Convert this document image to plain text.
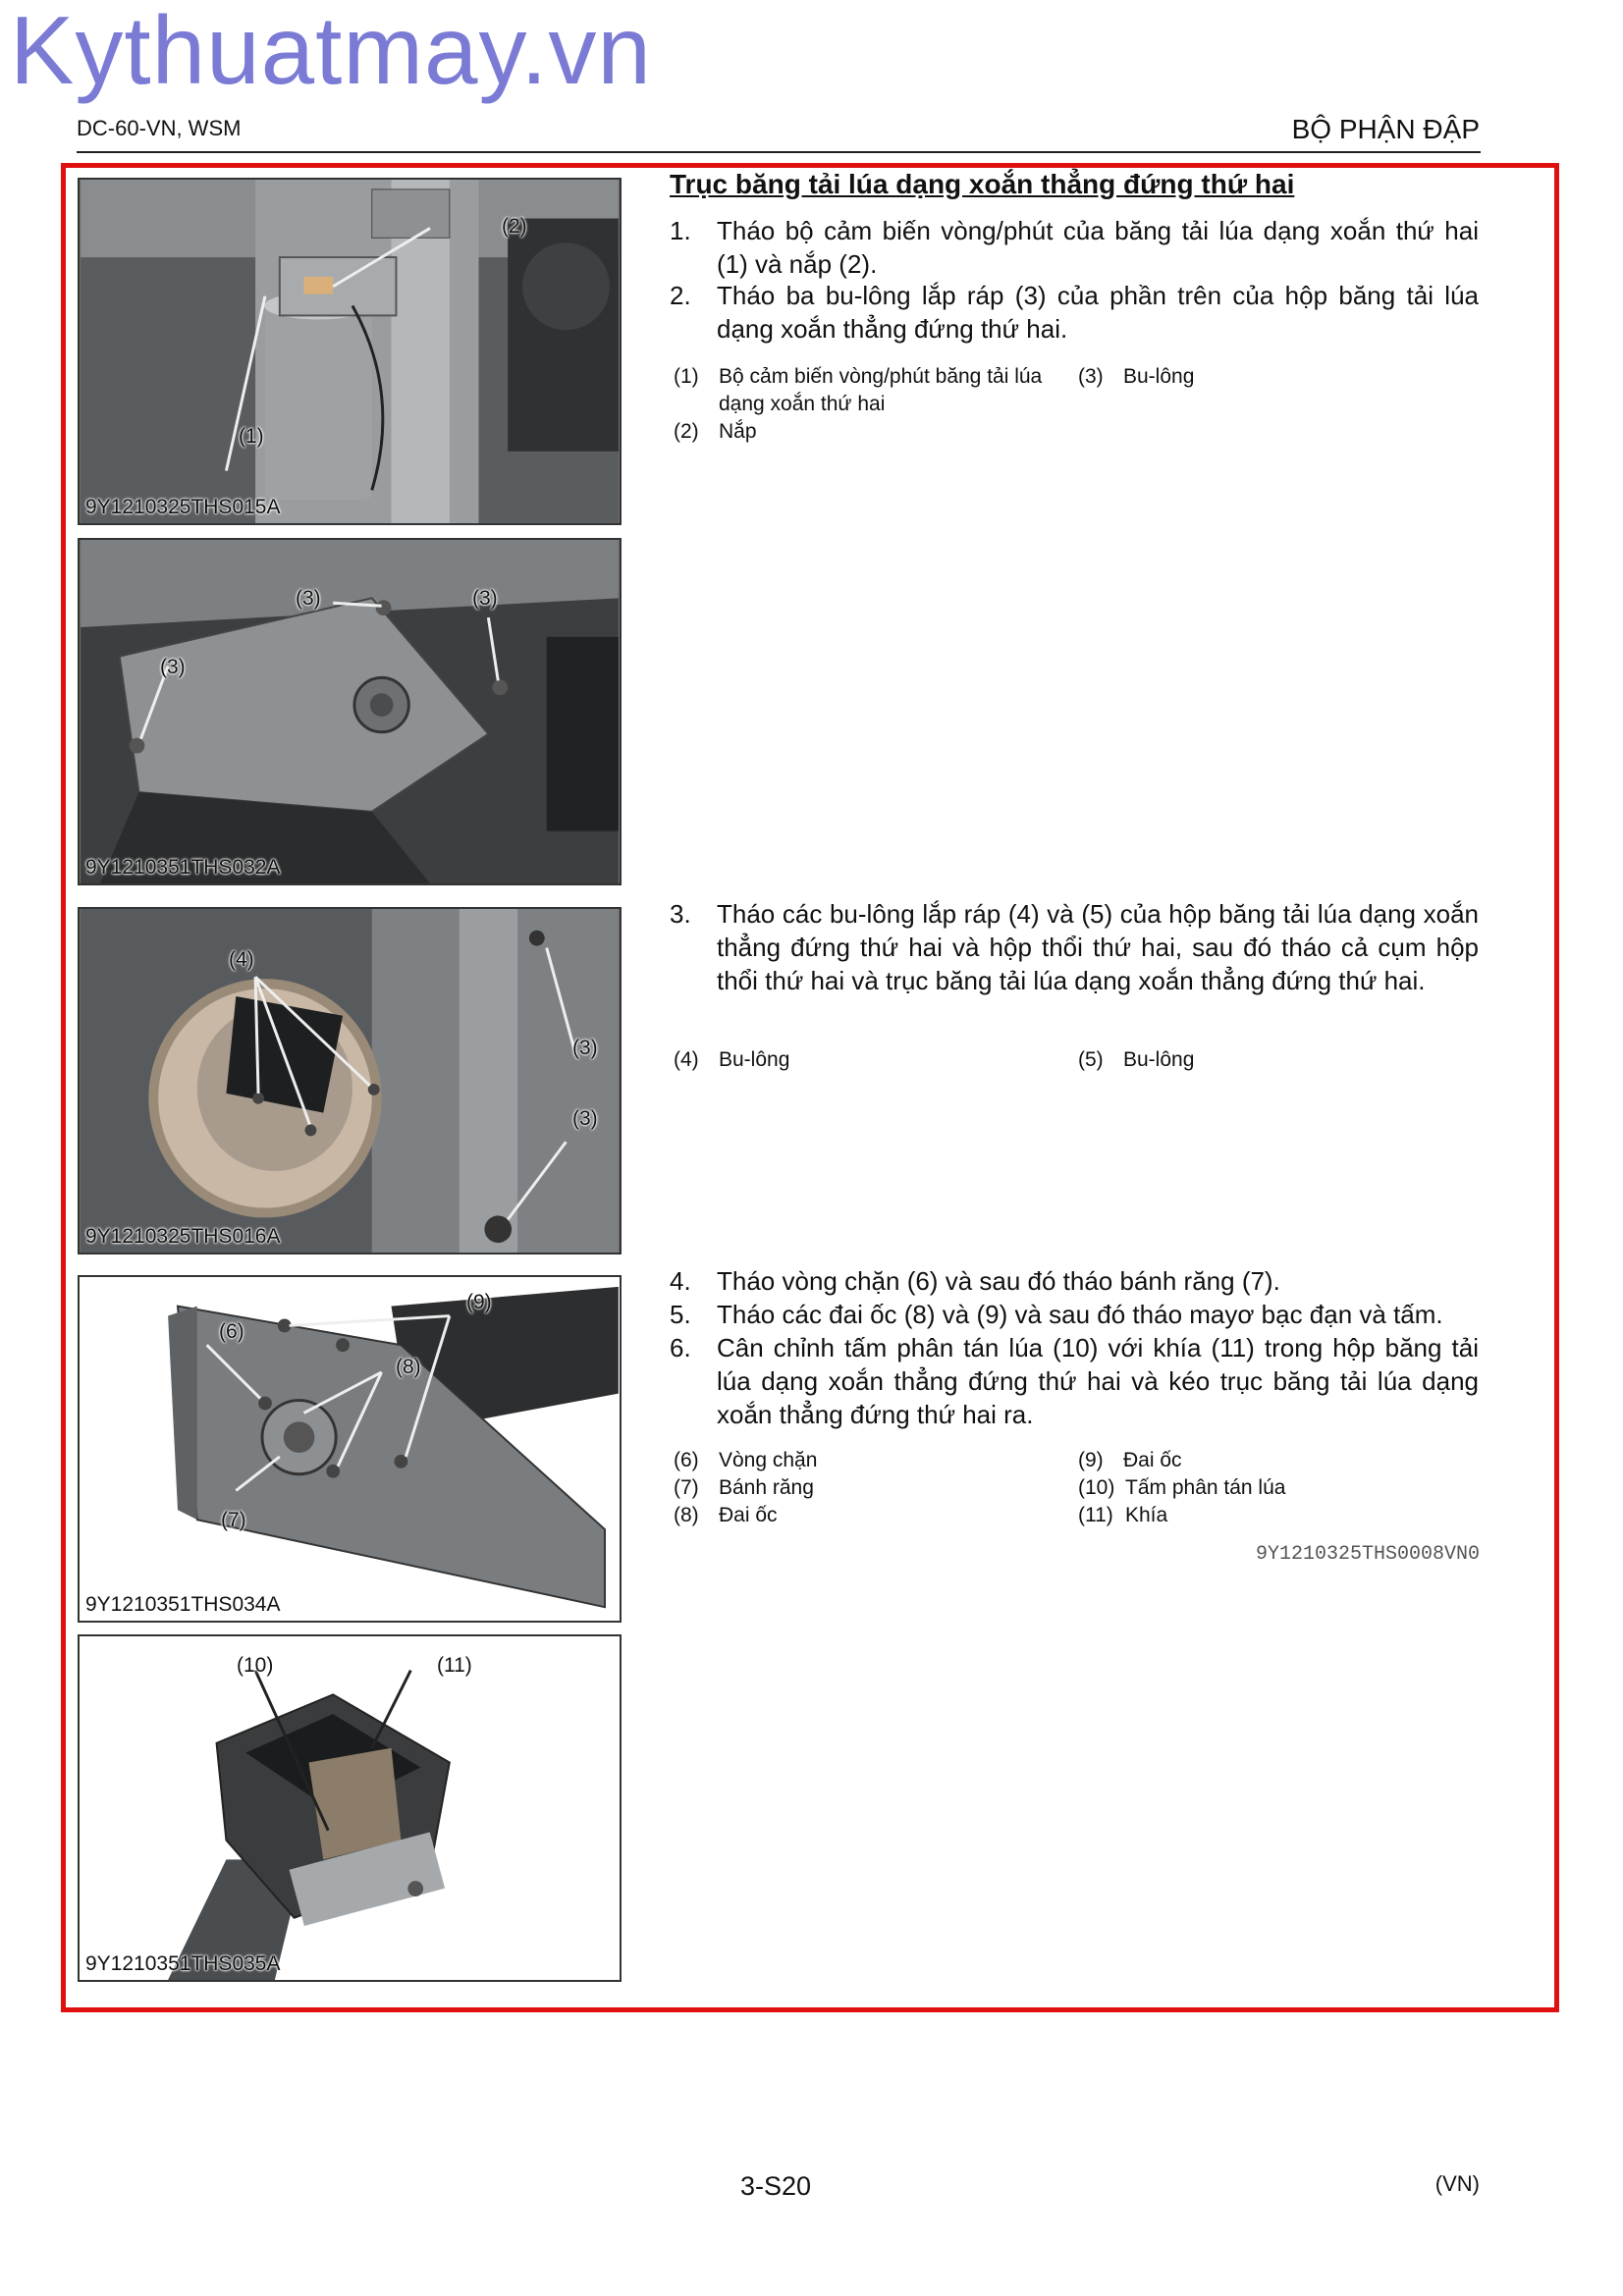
Kythuatmay.vn
DC-60-VN, WSM	BỘ PHẬN ĐẬP
(2)
(1)
9Y1210325THS015A
(3)	(3)
(3)
9Y1210351THS032A
(4)
(3)
(3)
9Y1210325THS016A
(9)
(6)
(8)
(7)
9Y1210351THS034A
(10)	(11)
9Y1210351THS035A
Trục băng tải lúa dạng xoắn thẳng đứng thứ hai
1.	Tháo bộ cảm biến vòng/phút của băng tải lúa dạng xoắn thứ hai (1) và nắp (2).
2.	Tháo ba bu-lông lắp ráp (3) của phần trên của hộp băng tải lúa dạng xoắn thẳng đứng thứ hai.
(1) Bộ cảm biến vòng/phút băng tải lúa dạng xoắn thứ hai
(2) Nắp
(3) Bu-lông
3.	Tháo các bu-lông lắp ráp (4) và (5) của hộp băng tải lúa dạng xoắn thẳng đứng thứ hai và hộp thổi thứ hai, sau đó tháo cả cụm hộp thổi thứ hai và trục băng tải lúa dạng xoắn thẳng đứng thứ hai.
(4) Bu-lông	(5) Bu-lông
4.	Tháo vòng chặn (6) và sau đó tháo bánh răng (7).
5.	Tháo các đai ốc (8) và (9) và sau đó tháo mayơ bạc đạn và tấm.
6.	Cân chỉnh tấm phân tán lúa (10) với khía (11) trong hộp băng tải lúa dạng xoắn thẳng đứng thứ hai và kéo trục băng tải lúa dạng xoắn thẳng đứng thứ hai ra.
(6) Vòng chặn
(7) Bánh răng
(8) Đai ốc
(9) Đai ốc
(10) Tấm phân tán lúa
(11) Khía
9Y1210325THS0008VN0
3-S20	(VN)
